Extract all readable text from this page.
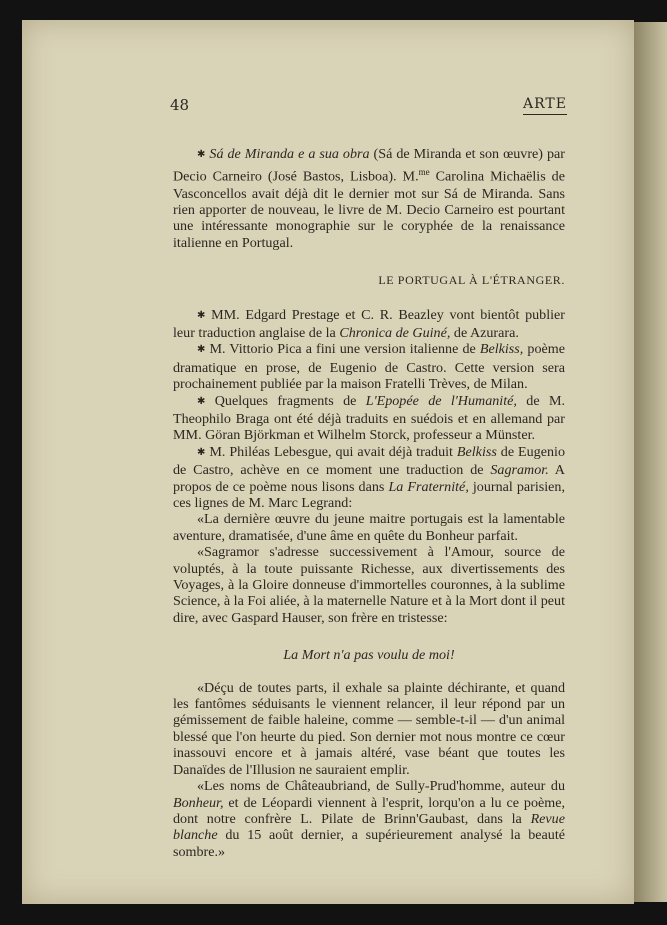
48	ARTE

✱ Sá de Miranda e a sua obra (Sá de Miranda et son œuvre) par Decio Carneiro (José Bastos, Lisboa). M.$^{me}$ Carolina Michaëlis de Vasconcellos avait déjà dit le dernier mot sur Sá de Miranda. Sans rien apporter de nouveau, le livre de M. Decio Carneiro est pourtant une intéressante monographie sur le coryphée de la renaissance italienne en Portugal.

LE PORTUGAL À L'ÉTRANGER.

✱ MM. Edgard Prestage et C. R. Beazley vont bientôt publier leur traduction anglaise de la Chronica de Guiné, de Azurara.

✱ M. Vittorio Pica a fini une version italienne de Belkiss, poème dramatique en prose, de Eugenio de Castro. Cette version sera prochainement publiée par la maison Fratelli Trèves, de Milan.

✱ Quelques fragments de L'Epopée de l'Humanité, de M. Theophilo Braga ont été déjà traduits en suédois et en allemand par MM. Göran Björkman et Wilhelm Storck, professeur a Münster.

✱ M. Philéas Lebesgue, qui avait déjà traduit Belkiss de Eugenio de Castro, achève en ce moment une traduction de Sagramor. A propos de ce poème nous lisons dans La Fraternité, journal parisien, ces lignes de M. Marc Legrand:

«La dernière œuvre du jeune maitre portugais est la lamentable aventure, dramatisée, d'une âme en quête du Bonheur parfait.

«Sagramor s'adresse successivement à l'Amour, source de voluptés, à la toute puissante Richesse, aux divertissements des Voyages, à la Gloire donneuse d'immortelles couronnes, à la sublime Science, à la Foi aliée, à la maternelle Nature et à la Mort dont il peut dire, avec Gaspard Hauser, son frère en tristesse:

La Mort n'a pas voulu de moi!

«Déçu de toutes parts, il exhale sa plainte déchirante, et quand les fantômes séduisants le viennent relancer, il leur répond par un gémissement de faible haleine, comme — semble-t-il — d'un animal blessé que l'on heurte du pied. Son dernier mot nous montre ce cœur inassouvi encore et à jamais altéré, vase béant que toutes les Danaïdes de l'Illusion ne sauraient emplir.

«Les noms de Châteaubriand, de Sully-Prud'homme, auteur du Bonheur, et de Léopardi viennent à l'esprit, lorqu'on a lu ce poème, dont notre confrère L. Pilate de Brinn'Gaubast, dans la Revue blanche du 15 août dernier, a supérieurement analysé la beauté sombre.»
